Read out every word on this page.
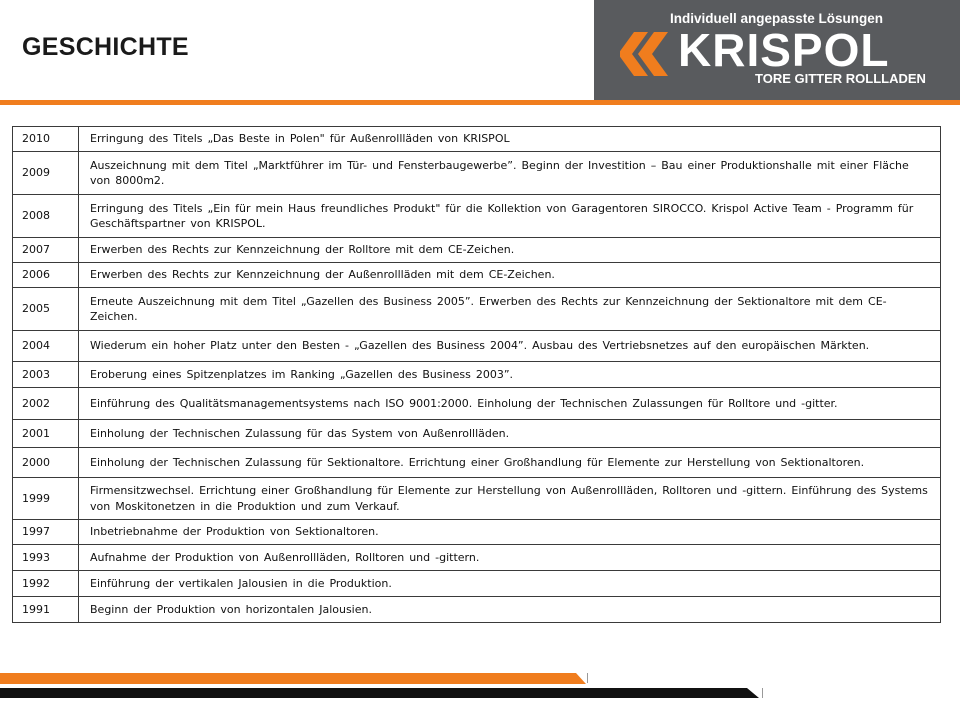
GESCHICHTE
Individuell angepasste Lösungen
KRISPOL
TORE GITTER ROLLLADEN
2010	Erringung des Titels „Das Beste in Polen" für Außenrollläden von KRISPOL
2009	Auszeichnung mit dem Titel „Marktführer im Tür- und Fensterbaugewerbe”. Beginn der Investition – Bau einer Produktionshalle mit einer Fläche von 8000m2.
2008	Erringung des Titels „Ein für mein Haus freundliches Produkt" für die Kollektion von Garagentoren SIROCCO. Krispol Active Team - Programm für Geschäftspartner von KRISPOL.
2007	Erwerben des Rechts zur Kennzeichnung der Rolltore mit dem CE-Zeichen.
2006	Erwerben des Rechts zur Kennzeichnung der Außenrollläden mit dem CE-Zeichen.
2005	Erneute Auszeichnung mit dem Titel „Gazellen des Business 2005”. Erwerben des Rechts zur Kennzeichnung der Sektionaltore mit dem CE-Zeichen.
2004	Wiederum ein hoher Platz unter den Besten - „Gazellen des Business 2004”. Ausbau des Vertriebsnetzes auf den europäischen Märkten.
2003	Eroberung eines Spitzenplatzes im Ranking „Gazellen des Business 2003”.
2002	Einführung des Qualitätsmanagementsystems nach ISO 9001:2000. Einholung der Technischen Zulassungen für Rolltore und -gitter.
2001	Einholung der Technischen Zulassung für das System von Außenrollläden.
2000	Einholung der Technischen Zulassung für Sektionaltore. Errichtung einer Großhandlung für Elemente zur Herstellung von Sektionaltoren.
1999	Firmensitzwechsel. Errichtung einer Großhandlung für Elemente zur Herstellung von Außenrollläden, Rolltoren und -gittern. Einführung des Systems von Moskitonetzen in die Produktion und zum Verkauf.
1997	Inbetriebnahme der Produktion von Sektionaltoren.
1993	Aufnahme der Produktion von Außenrollläden, Rolltoren und -gittern.
1992	Einführung der vertikalen Jalousien in die Produktion.
1991	Beginn der Produktion von horizontalen Jalousien.
